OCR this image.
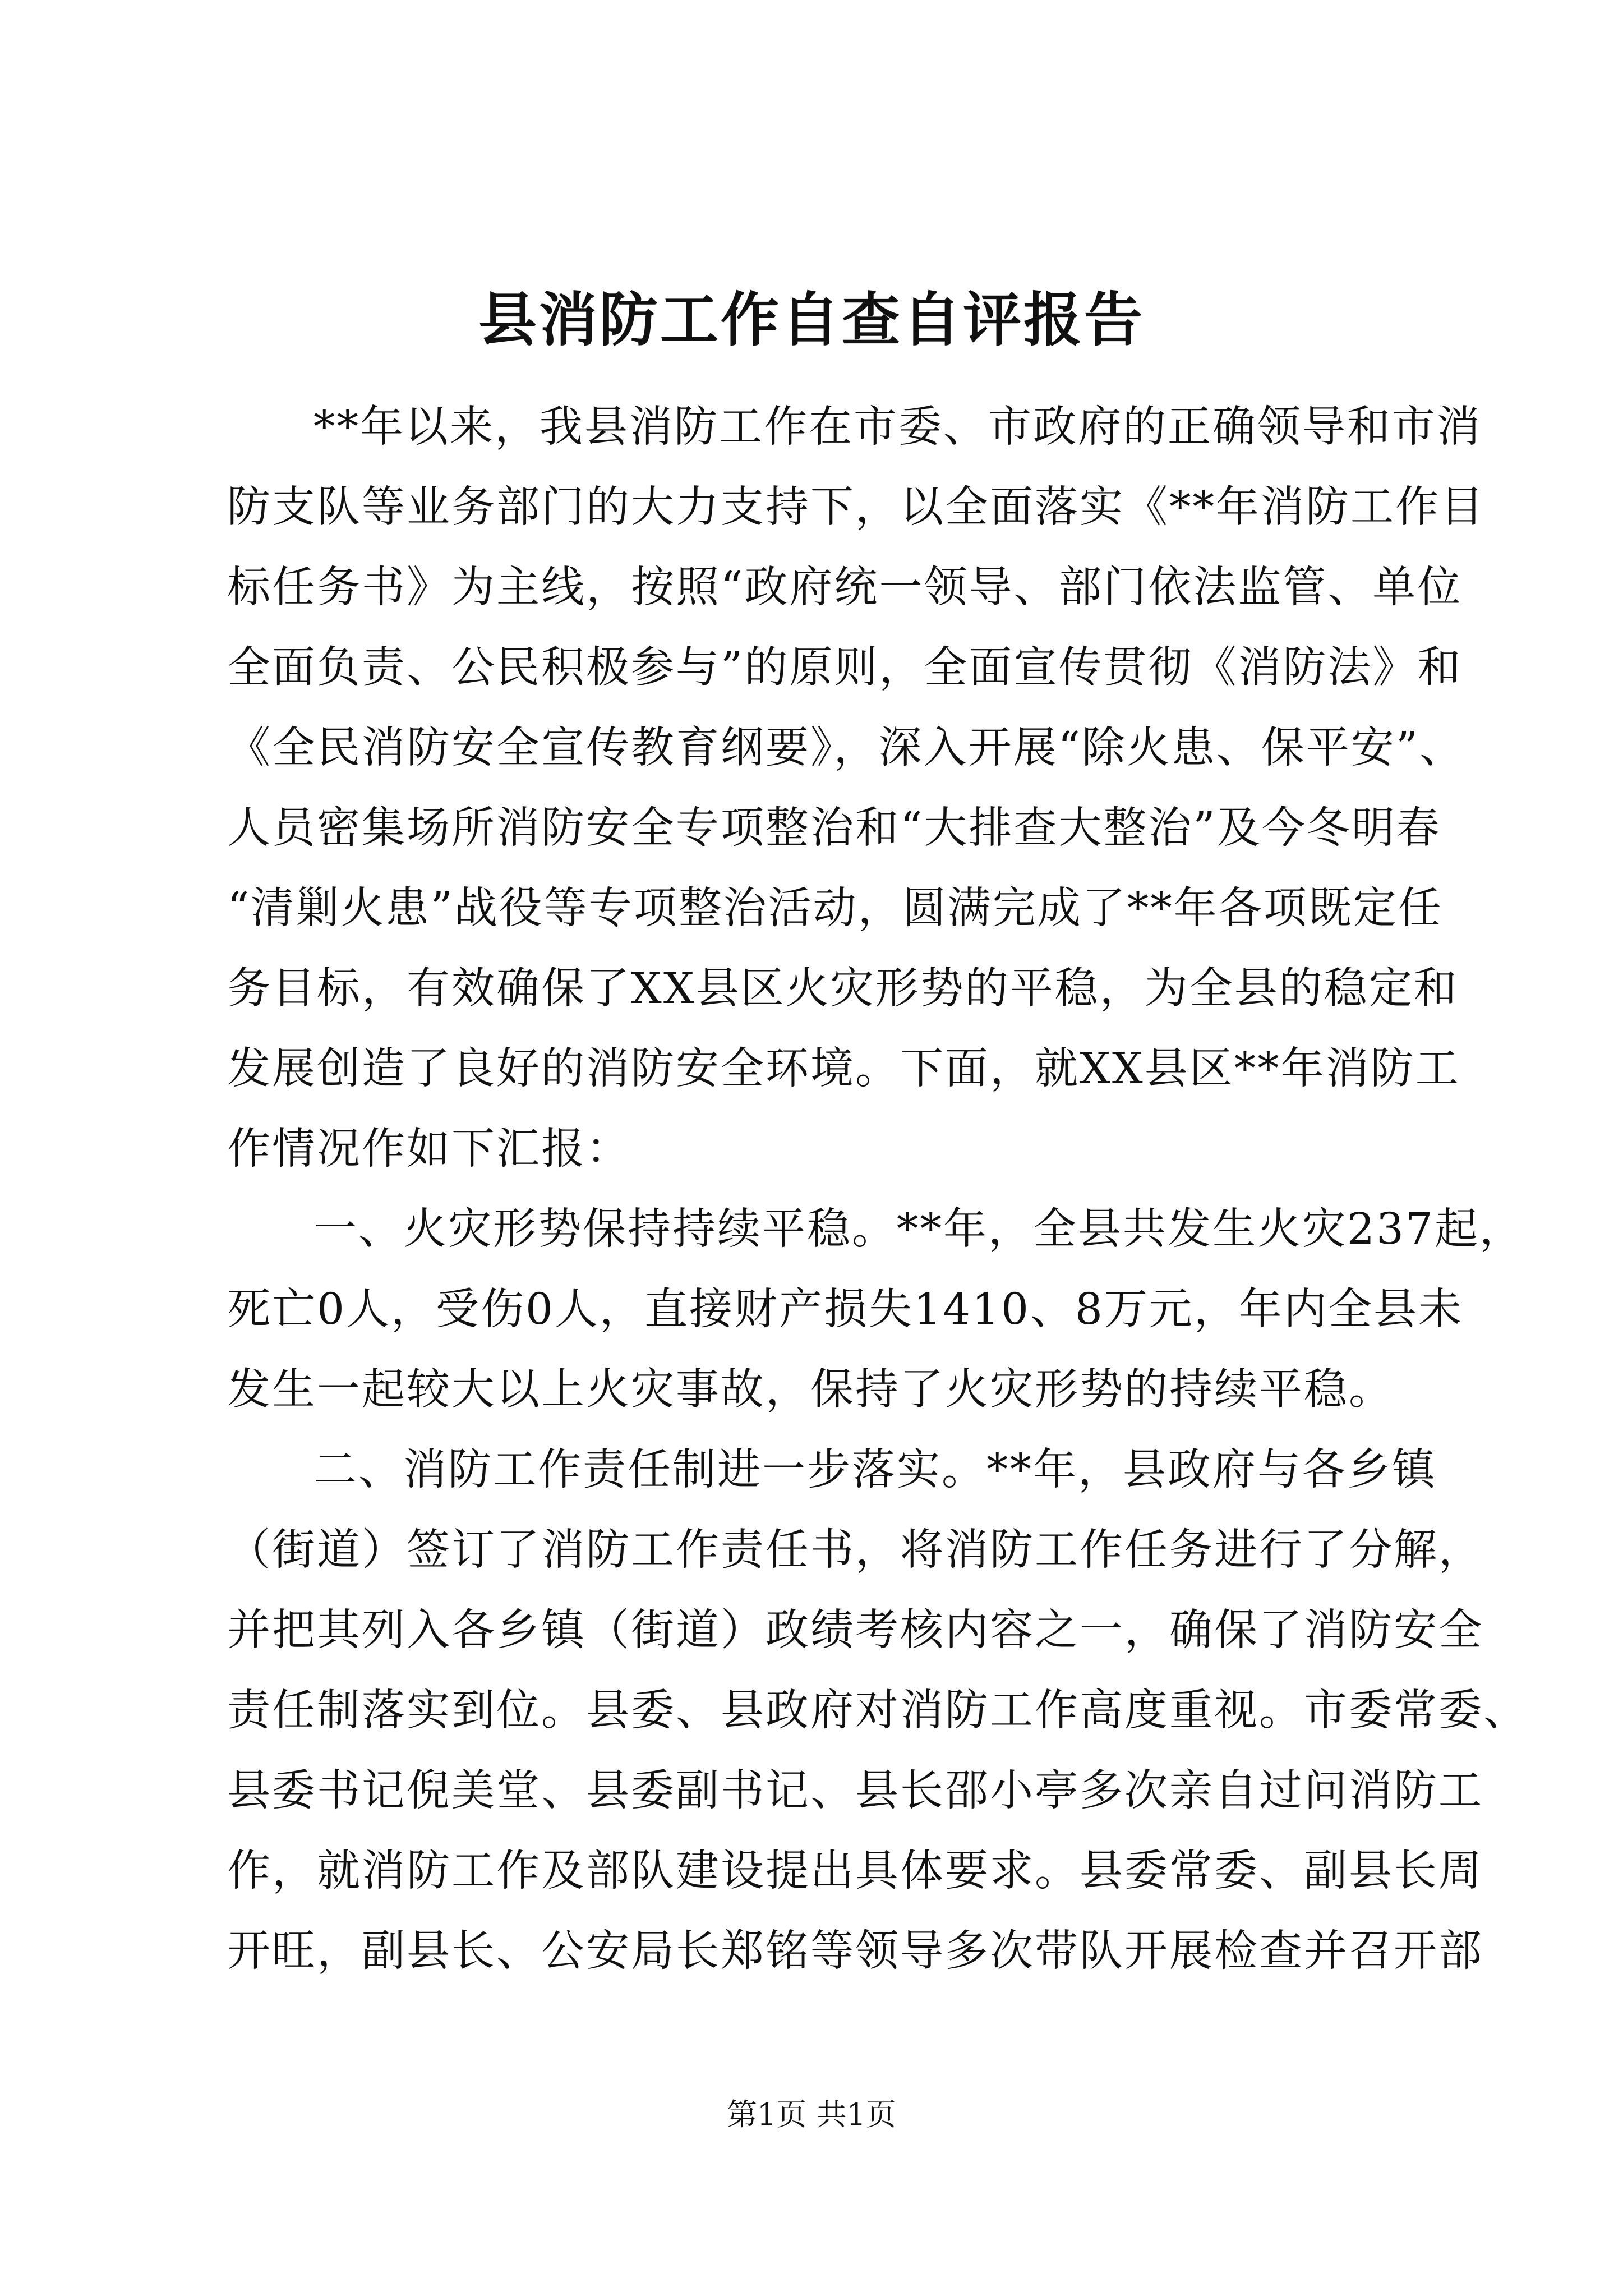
县消防工作自查自评报告
**年以来，我县消防工作在市委、市政府的正确领导和市消
防支队等业务部门的大力支持下，以全面落实《**年消防工作目
标任务书》为主线，按照“政府统一领导、部门依法监管、单位
全面负责、公民积极参与”的原则，全面宣传贯彻《消防法》和
《全民消防安全宣传教育纲要》，深入开展“除火患、保平安”、
人员密集场所消防安全专项整治和“大排查大整治”及今冬明春
“清剿火患”战役等专项整治活动，圆满完成了**年各项既定任
务目标，有效确保了XX县区火灾形势的平稳，为全县的稳定和
发展创造了良好的消防安全环境。下面，就XX县区**年消防工
作情况作如下汇报：
一、火灾形势保持持续平稳。**年，全县共发生火灾237起，
死亡0人，受伤0人，直接财产损失1410、8万元，年内全县未
发生一起较大以上火灾事故，保持了火灾形势的持续平稳。
二、消防工作责任制进一步落实。**年，县政府与各乡镇
（街道）签订了消防工作责任书，将消防工作任务进行了分解，
并把其列入各乡镇（街道）政绩考核内容之一，确保了消防安全
责任制落实到位。县委、县政府对消防工作高度重视。市委常委、
县委书记倪美堂、县委副书记、县长邵小亭多次亲自过问消防工
作，就消防工作及部队建设提出具体要求。县委常委、副县长周
开旺，副县长、公安局长郑铭等领导多次带队开展检查并召开部
第1页 共1页
